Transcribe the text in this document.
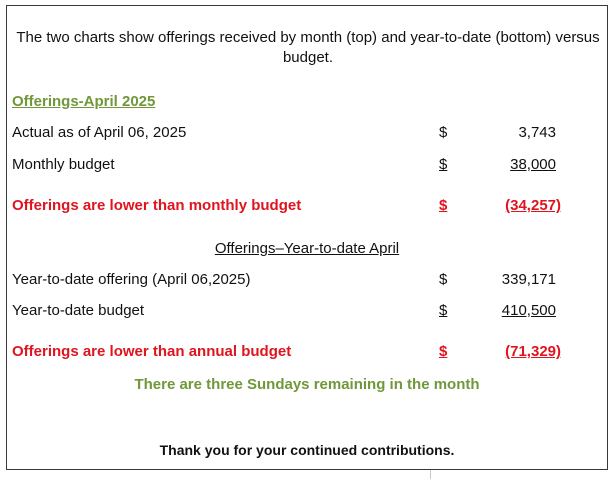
The two charts show offerings received by month (top) and year-to-date (bottom) versus budget.
Offerings-April 2025
Actual as of April 06, 2025	$	3,743
Monthly budget	$	38,000
Offerings are lower than monthly budget	$	(34,257)
Offerings–Year-to-date April
Year-to-date offering (April 06,2025)	$	339,171
Year-to-date budget	$	410,500
Offerings are lower than annual budget	$	(71,329)
There are three Sundays remaining in the month
Thank you for your continued contributions.
